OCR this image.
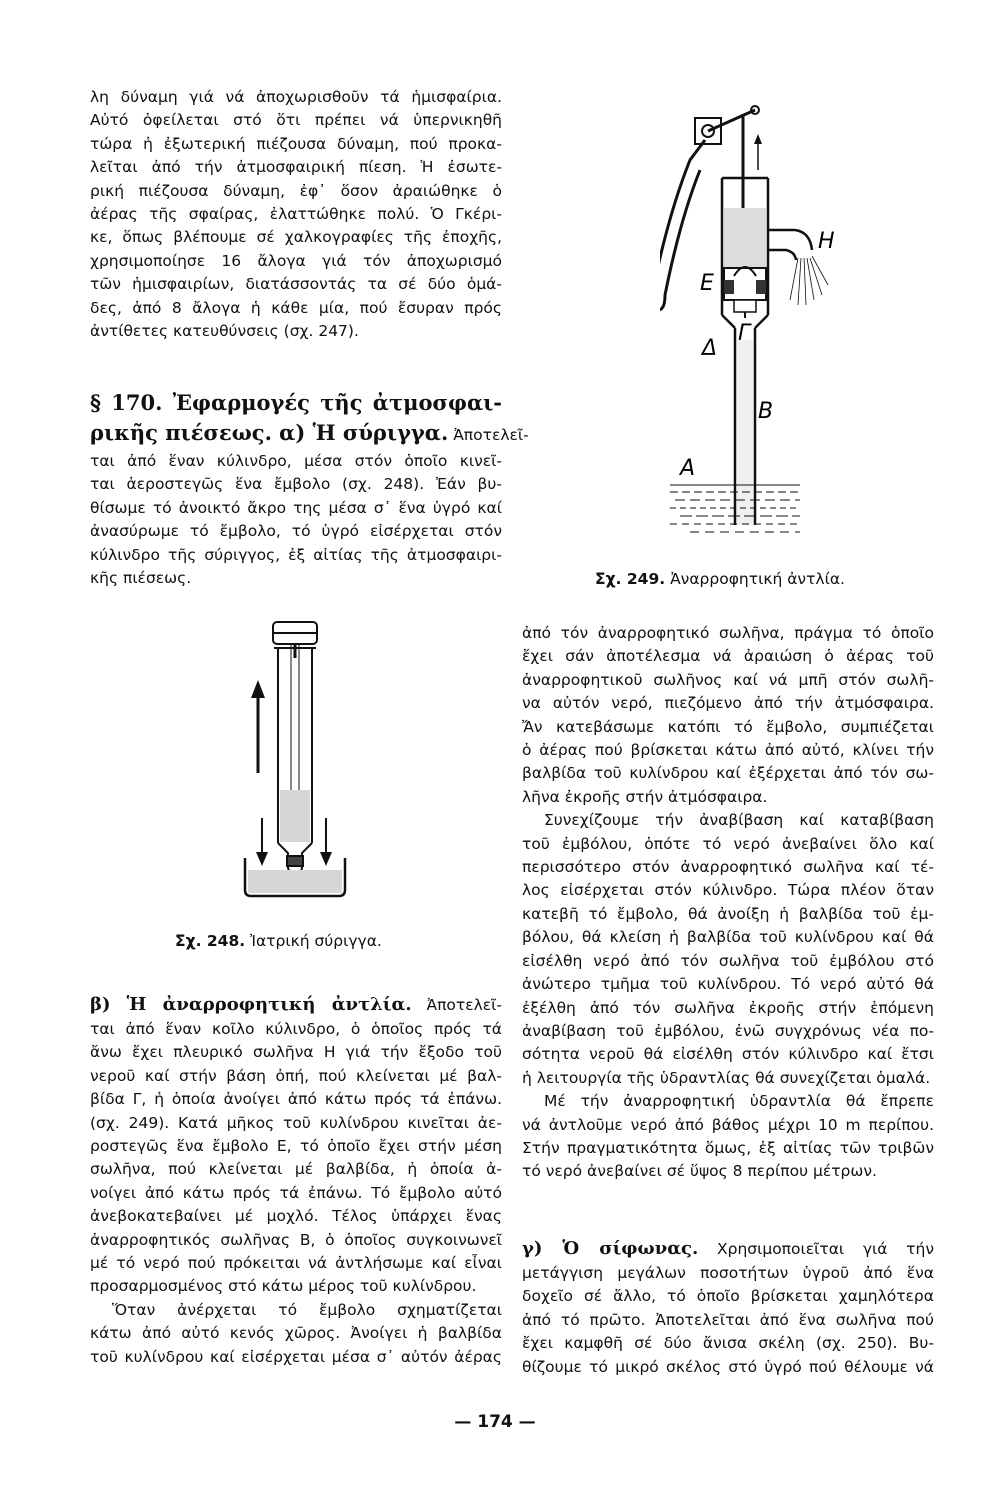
λη δύναμη γιά νά ἀποχωρισθοῦν τά ἡμισφαίρια.
Αὐτό ὀφείλεται στό ὅτι πρέπει νά ὑπερνικηθῆ
τώρα ἡ ἐξωτερική πιέζουσα δύναμη, πού προκα-
λεῖται ἀπό τήν ἀτμοσφαιρική πίεση. Ἡ ἐσωτε-
ρική πιέζουσα δύναμη, ἐφ᾽ ὅσον ἀραιώθηκε ὁ
ἀέρας τῆς σφαίρας, ἐλαττώθηκε πολύ. Ὁ Γκέρι-
κε, ὅπως βλέπουμε σέ χαλκογραφίες τῆς ἐποχῆς,
χρησιμοποίησε 16 ἄλογα γιά τόν ἀποχωρισμό
τῶν ἡμισφαιρίων, διατάσσοντάς τα σέ δύο ὁμά-
δες, ἀπό 8 ἄλογα ἡ κάθε μία, πού ἔσυραν πρός
ἀντίθετες κατευθύνσεις (σχ. 247).
§ 170. Ἐφαρμογές τῆς ἀτμοσφαι-
ρικῆς πιέσεως. α) Ἡ σύριγγα. Ἀποτελεῖ-
ται ἀπό ἕναν κύλινδρο, μέσα στόν ὁποῖο κινεῖ-
ται ἀεροστεγῶς ἕνα ἔμβολο (σχ. 248). Ἐάν βυ-
θίσωμε τό ἀνοικτό ἄκρο της μέσα σ᾽ ἕνα ὑγρό καί
ἀνασύρωμε τό ἔμβολο, τό ὑγρό εἰσέρχεται στόν
κύλινδρο τῆς σύριγγος, ἐξ αἰτίας τῆς ἀτμοσφαιρι-
κῆς πιέσεως.
H
E
Γ
Δ
B
A
Σχ. 249. Ἀναρροφητική ἀντλία.
Σχ. 248. Ἰατρική σύριγγα.
β) Ἡ ἀναρροφητική ἀντλία. Ἀποτελεῖ-
ται ἀπό ἕναν κοῖλο κύλινδρο, ὁ ὁποῖος πρός τά
ἄνω ἔχει πλευρικό σωλῆνα Η γιά τήν ἔξοδο τοῦ
νεροῦ καί στήν βάση ὀπή, πού κλείνεται μέ βαλ-
βίδα Γ, ἡ ὁποία ἀνοίγει ἀπό κάτω πρός τά ἐπάνω.
(σχ. 249). Κατά μῆκος τοῦ κυλίνδρου κινεῖται ἀε-
ροστεγῶς ἕνα ἔμβολο Ε, τό ὁποῖο ἔχει στήν μέση
σωλῆνα, πού κλείνεται μέ βαλβίδα, ἡ ὁποία ἀ-
νοίγει ἀπό κάτω πρός τά ἐπάνω. Τό ἔμβολο αὐτό
ἀνεβοκατεβαίνει μέ μοχλό. Τέλος ὑπάρχει ἕνας
ἀναρροφητικός σωλῆνας Β, ὁ ὁποῖος συγκοινωνεῖ
μέ τό νερό πού πρόκειται νά ἀντλήσωμε καί εἶναι
προσαρμοσμένος στό κάτω μέρος τοῦ κυλίνδρου.
Ὅταν ἀνέρχεται τό ἔμβολο σχηματίζεται
κάτω ἀπό αὐτό κενός χῶρος. Ἀνοίγει ἡ βαλβίδα
τοῦ κυλίνδρου καί εἰσέρχεται μέσα σ᾽ αὐτόν ἀέρας
ἀπό τόν ἀναρροφητικό σωλῆνα, πράγμα τό ὁποῖο
ἔχει σάν ἀποτέλεσμα νά ἀραιώση ὁ ἀέρας τοῦ
ἀναρροφητικοῦ σωλῆνος καί νά μπῆ στόν σωλῆ-
να αὐτόν νερό, πιεζόμενο ἀπό τήν ἀτμόσφαιρα.
Ἄν κατεβάσωμε κατόπι τό ἔμβολο, συμπιέζεται
ὁ ἀέρας πού βρίσκεται κάτω ἀπό αὐτό, κλίνει τήν
βαλβίδα τοῦ κυλίνδρου καί ἐξέρχεται ἀπό τόν σω-
λῆνα ἐκροῆς στήν ἀτμόσφαιρα.
Συνεχίζουμε τήν ἀναβίβαση καί καταβίβαση
τοῦ ἐμβόλου, ὁπότε τό νερό ἀνεβαίνει ὅλο καί
περισσότερο στόν ἀναρροφητικό σωλῆνα καί τέ-
λος εἰσέρχεται στόν κύλινδρο. Τώρα πλέον ὅταν
κατεβῆ τό ἔμβολο, θά ἀνοίξη ἡ βαλβίδα τοῦ ἐμ-
βόλου, θά κλείση ἡ βαλβίδα τοῦ κυλίνδρου καί θά
εἰσέλθη νερό ἀπό τόν σωλῆνα τοῦ ἐμβόλου στό
ἀνώτερο τμῆμα τοῦ κυλίνδρου. Τό νερό αὐτό θά
ἐξέλθη ἀπό τόν σωλῆνα ἐκροῆς στήν ἑπόμενη
ἀναβίβαση τοῦ ἐμβόλου, ἐνῶ συγχρόνως νέα πο-
σότητα νεροῦ θά εἰσέλθη στόν κύλινδρο καί ἔτσι
ἡ λειτουργία τῆς ὑδραντλίας θά συνεχίζεται ὁμαλά.
Μέ τήν ἀναρροφητική ὑδραντλία θά ἔπρεπε
νά ἀντλοῦμε νερό ἀπό βάθος μέχρι 10 m περίπου.
Στήν πραγματικότητα ὅμως, ἐξ αἰτίας τῶν τριβῶν
τό νερό ἀνεβαίνει σέ ὕψος 8 περίπου μέτρων.
γ) Ὁ σίφωνας. Χρησιμοποιεῖται γιά τήν
μετάγγιση μεγάλων ποσοτήτων ὑγροῦ ἀπό ἕνα
δοχεῖο σέ ἄλλο, τό ὁποῖο βρίσκεται χαμηλότερα
ἀπό τό πρῶτο. Ἀποτελεῖται ἀπό ἕνα σωλῆνα πού
ἔχει καμφθῆ σέ δύο ἄνισα σκέλη (σχ. 250). Βυ-
θίζουμε τό μικρό σκέλος στό ὑγρό πού θέλουμε νά
— 174 —
